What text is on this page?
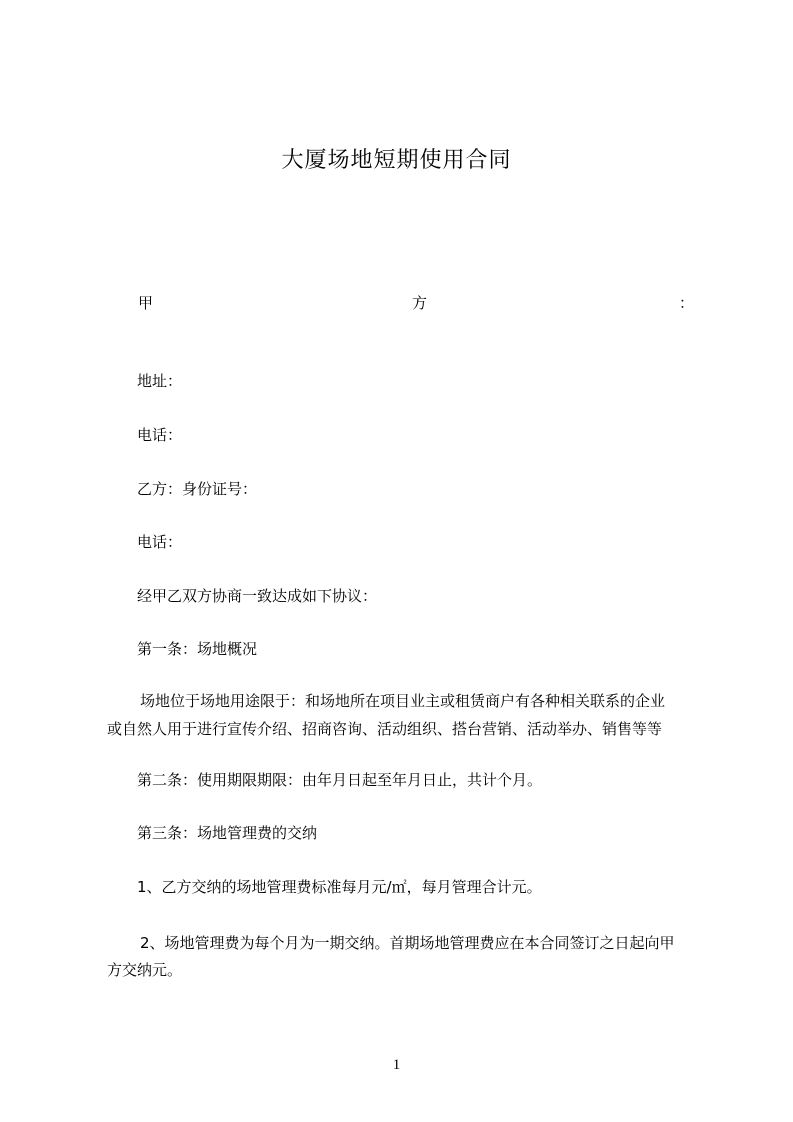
大厦场地短期使用合同
甲	方	：
地址：
电话：
乙方：身份证号：
电话：
经甲乙双方协商一致达成如下协议：
第一条：场地概况
场地位于场地用途限于：和场地所在项目业主或租赁商户有各种相关联系的企业
或自然人用于进行宣传介绍、招商咨询、活动组织、搭台营销、活动举办、销售等等
第二条：使用期限期限：由年月日起至年月日止，共计个月。
第三条：场地管理费的交纳
1、乙方交纳的场地管理费标准每月元/㎡，每月管理合计元。
2、场地管理费为每个月为一期交纳。首期场地管理费应在本合同签订之日起向甲
方交纳元。
1
